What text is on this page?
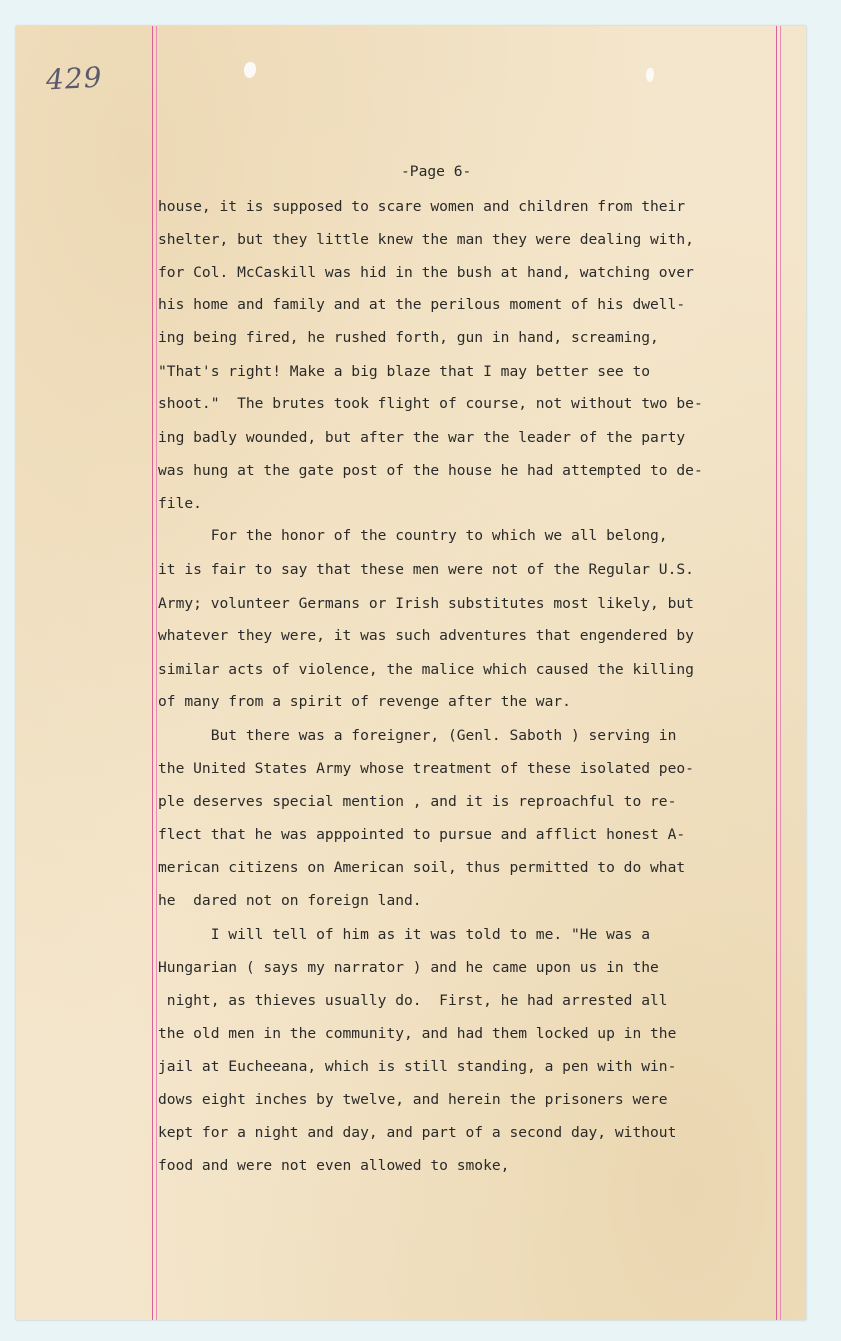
429
-Page 6-

house, it is supposed to scare women and children from their

shelter, but they little knew the man they were dealing with,

for Col. McCaskill was hid in the bush at hand, watching over

his home and family and at the perilous moment of his dwell-

ing being fired, he rushed forth, gun in hand, screaming,

"That's right! Make a big blaze that I may better see to

shoot."  The brutes took flight of course, not without two be-

ing badly wounded, but after the war the leader of the party

was hung at the gate post of the house he had attempted to de-

file.

For the honor of the country to which we all belong,

it is fair to say that these men were not of the Regular U.S.

Army; volunteer Germans or Irish substitutes most likely, but

whatever they were, it was such adventures that engendered by

similar acts of violence, the malice which caused the killing

of many from a spirit of revenge after the war.

But there was a foreigner, (Genl. Saboth ) serving in

the United States Army whose treatment of these isolated peo-

ple deserves special mention , and it is reproachful to re-

flect that he was apppointed to pursue and afflict honest A-

merican citizens on American soil, thus permitted to do what

he  dared not on foreign land.

I will tell of him as it was told to me. "He was a

Hungarian ( says my narrator ) and he came upon us in the

night, as thieves usually do.  First, he had arrested all

the old men in the community, and had them locked up in the

jail at Eucheeana, which is still standing, a pen with win-

dows eight inches by twelve, and herein the prisoners were

kept for a night and day, and part of a second day, without

food and were not even allowed to smoke,
